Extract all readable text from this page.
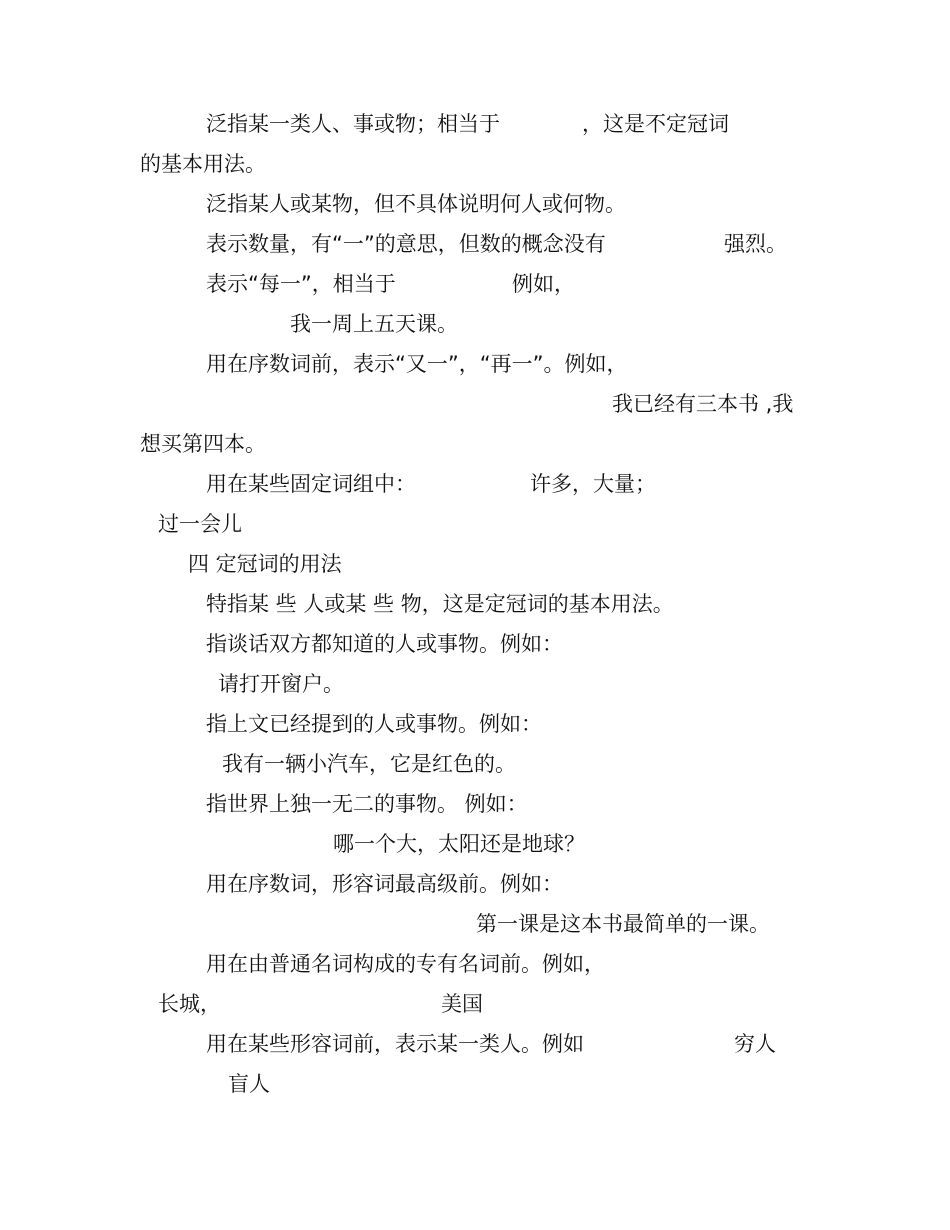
泛指某一类人、事或物；相当于	，这是不定冠词
的基本用法。
泛指某人或某物，但不具体说明何人或何物。
表示数量，有“一”的意思，但数的概念没有	强烈。
表示“每一”，相当于	例如，
我一周上五天课。
用在序数词前，表示“又一”，“再一”。例如，
我已经有三本书 ,我
想买第四本。
用在某些固定词组中：	许多，大量；
过一会儿
四 定冠词的用法
特指某 些 人或某 些 物，这是定冠词的基本用法。
指谈话双方都知道的人或事物。例如：
请打开窗户。
指上文已经提到的人或事物。例如：
我有一辆小汽车，它是红色的。
指世界上独一无二的事物。 例如：
哪一个大，太阳还是地球？
用在序数词，形容词最高级前。例如：
第一课是这本书最简单的一课。
用在由普通名词构成的专有名词前。例如，
长城，	美国
用在某些形容词前，表示某一类人。例如	穷人
盲人
